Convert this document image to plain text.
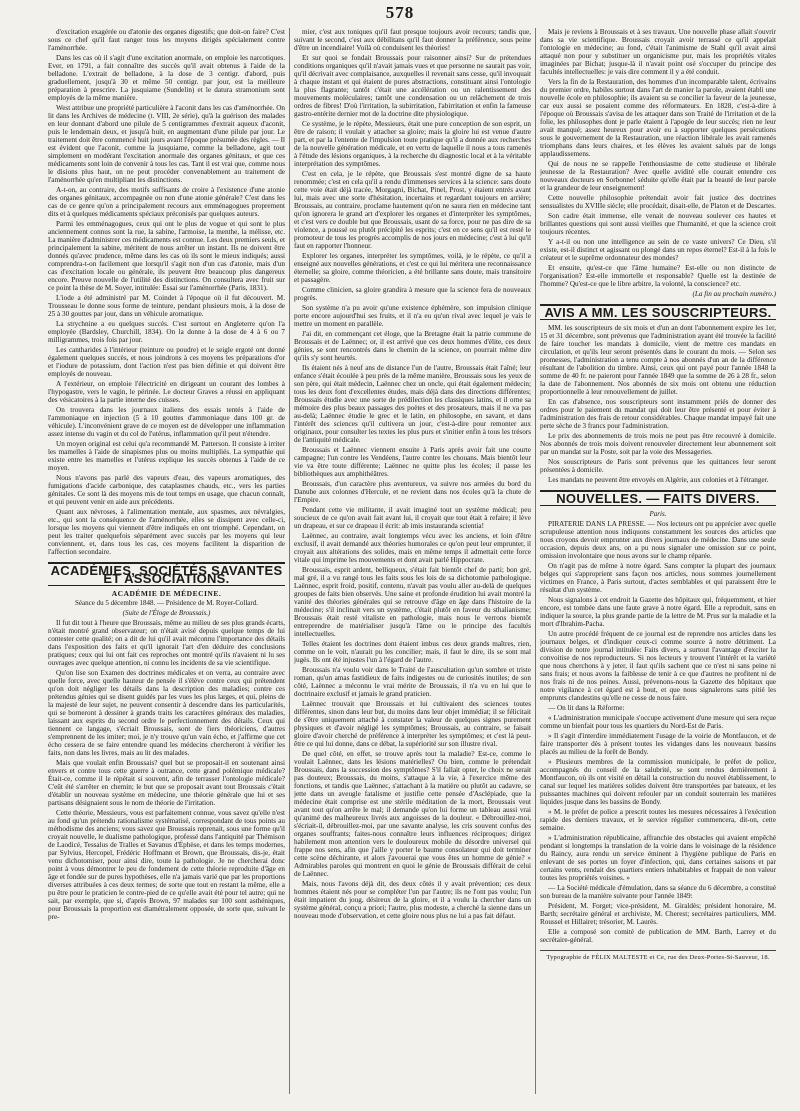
578

d'excitation exagérée ou d'atonie des organes digestifs; que doit-on faire? C'est sous ce chef qu'il faut ranger tous les moyens dirigés spécialement contre l'aménorrhée.

Dans les cas où il s'agit d'une excitation anormale, on emploie les narcotiques. Ever, en 1791, a fait connaître des succès qu'il avait obtenus à l'aide de la belladone. L'extrait de belladone, à la dose de 3 centigr. d'abord, puis graduellement, jusqu'à 30 et même 50 centigr. par jour, est la meilleure préparation à prescrire. La jusquiame (Sundelin) et le datura stramonium sont employés de la même manière.

West attribue une propriété particulière à l'aconit dans les cas d'aménorrhée. On lit dans les Archives de médecine (t. VIII, 2e série), qu'à la guérison des malades en leur donnant d'abord une pilule de 5 centigrammes d'extrait aqueux d'aconit, puis le lendemain deux, et jusqu'à huit, en augmentant d'une pilule par jour. Le traitement doit être commencé huit jours avant l'époque présumée des règles. — Il est évident que l'aconit, comme la jusquiame, comme la belladone, agit tout simplement en modérant l'excitation anormale des organes génitaux, et que ces médicaments sont loin de convenir à tous les cas. Tant il est vrai que, comme nous le disions plus haut, on ne peut procéder convenablement au traitement de l'aménorrhée qu'en multipliant les distinctions.

A-t-on, au contraire, des motifs suffisants de croire à l'existence d'une atonie des organes génitaux, accompagnée ou non d'une atonie générale? C'est dans les cas de ce genre qu'on a principalement recours aux emménagogues proprement dits et à quelques médicaments spéciaux préconisés par quelques auteurs.

Parmi les emménagogues, ceux qui ont le plus de vogue et qui sont le plus anciennement connus sont la rue, la sabine, l'armoise, la menthe, la mélisse, etc. La manière d'administrer ces médicaments est connue. Les deux premiers seuls, et principalement la sabine, méritent de nous arrêter un instant. Ils ne doivent être donnés qu'avec prudence, même dans les cas où ils sont le mieux indiqués; aussi comprendra-t-on facilement que lorsqu'il s'agit non d'un cas d'atonie, mais d'un cas d'excitation locale ou générale, ils peuvent être beaucoup plus dangereux encore. Preuve nouvelle de l'utilité des distinctions. On consultera avec fruit sur ce point la thèse de M. Soyer, intitulée: Essai sur l'aménorrhée (Paris, 1831).

L'iode a été administré par M. Coindet à l'époque où il fut découvert. M. Trousseau le donne sous forme de teinture, pendant plusieurs mois, à la dose de 25 à 30 gouttes par jour, dans un véhicule aromatique.

La strychnine a eu quelques succès. C'est surtout en Angleterre qu'on l'a employée (Bardsley, Churchill, 1834). On la donne à la dose de 4 à 6 ou 7 milligrammes, trois fois par jour.

Les cantharides à l'intérieur (teinture ou poudre) et le seigle ergoté ont donné également quelques succès, et nous joindrons à ces moyens les préparations d'or et l'iodure de potassium, dont l'action n'est pas bien définie et qui doivent être employés de nouveau.

A l'extérieur, on emploie l'électricité en dirigeant un courant des lombes à l'hypogastre, vers le vagin, le périnée. Le docteur Graves a réussi en appliquant des vésicatoires à la partie interne des cuisses.

On trouvera dans les journaux italiens des essais tentés à l'aide de l'ammoniaque en injection (5 à 10 gouttes d'ammoniaque dans 100 gr. de véhicule). L'inconvénient grave de ce moyen est de développer une inflammation assez intense du vagin et du col de l'utérus, inflammation qu'il peut n'étendre.

Un moyen original est celui qu'a recommandé M. Patterson. Il consiste à irriter les mamelles à l'aide de sinapismes plus ou moins multipliés. La sympathie qui existe entre les mamelles et l'utérus explique les succès obtenus à l'aide de ce moyen.

Nous n'avons pas parlé des vapeurs d'eau, des vapeurs aromatiques, des fumigations d'acide carbonique, des cataplasmes chauds, etc., vers les parties génitales. Ce sont là des moyens mis de tout temps en usage, que chacun connaît, et qui peuvent venir en aide aux précédents.

Quant aux névroses, à l'alimentation mentale, aux spasmes, aux névralgies, etc., qui sont la conséquence de l'aménorrhée, elles se dissipent avec celle-ci, lorsque les moyens qui viennent d'être indiqués en ont triomphé. Cependant, on peut les traiter quelquefois séparément avec succès par les moyens qui leur conviennent, et, dans tous les cas, ces moyens facilitent la disparition de l'affection secondaire.

ACADÉMIES, SOCIÉTÉS SAVANTES ET ASSOCIATIONS.
ACADÉMIE DE MÉDECINE.
Séance du 5 décembre 1848. — Présidence de M. Royer-Collard.
(Suite de l'Éloge de Broussais.)

Il fut dit tout à l'heure que Broussais, même au milieu de ses plus grands écarts, n'était montré grand observateur; on n'était avisé depuis quelque temps de lui contester cette qualité; on a dit de lui qu'il avait méconnu l'importance des détails dans l'exposition des faits et qu'il ignorait l'art d'en déduire des conclusions pratiques; ceux qui lui ont fait ces reproches ont montré qu'ils n'avaient ni lu ses ouvrages avec quelque attention, ni connu les incidents de sa vie scientifique.

Qu'on lise son Examen des doctrines médicales et on verra, au contraire avec quelle force, avec quelle hauteur de pensée il s'élève contre ceux qui prétendent qu'on doit négliger les détails dans la description des maladies; contre ces prétendus génies qui se disent guidés par les vues les plus larges, et qui, pleins de la majesté de leur sujet, ne peuvent consentir à descendre dans les particularités, qui se borneront à dessiner à grands traits les caractères généraux des maladies, laissant aux esprits du second ordre le perfectionnement des détails. Ceux qui tiennent ce langage, s'écriait Broussais, sont de fiers théoriciens, d'autres s'emprennent de les imiter; moi, je n'y trouve qu'un vain écho, et j'affirme que cet écho cessera de se faire entendre quand les médecins chercheront à vérifier les faits, non dans les livres, mais au lit des malades.

Mais que voulait enfin Broussais? quel but se proposait-il en soutenant ainsi envers et contre tous cette guerre à outrance, cette grand polémique médicale? Était-ce, comme il le répétait si souvent, afin de terrasser l'ontologie médicale? C'eût été s'arrêter en chemin; le but que se proposait avant tout Broussais c'était d'établir un nouveau système en médecine, une théorie générale que lui et ses partisans désignaient sous le nom de théorie de l'irritation.

Cette théorie, Messieurs, vous est parfaitement connue, vous savez qu'elle n'est au fond qu'un prétendu rationalisme systématisé, correspondant de tous points au méthodisme des anciens; vous savez que Broussais reprenait, sous une forme qu'il croyait nouvelle, le dualisme pathologique, professé dans l'antiquité par Thémison de Laodicé, Tessalus de Tralles et Savanus d'Éphèse, et dans les temps modernes, par Sylvius, Hercopel, Frédéric Hoffmann et Brown, que Broussais, dis-je, était venu dichotomiser, pour ainsi dire, toute la pathologie. Je ne chercherai donc point à vous démontrer le peu de fondement de cette théorie reproduite d'âge en âge et fondée sur de pures hypothèses, elle n'a jamais varié que par les proportions diverses attribuées à ces deux termes; de sorte que tout en restant la même, elle a pu être pour le praticien le contre-pied de ce qu'elle avait été pour tel autre; qui ne sait, par exemple, que si, d'après Brown, 97 malades sur 100 sont asthéniques, pour Broussais la proportion est diamétralement opposée, de sorte que, suivant le pre-

mier, c'est aux toniques qu'il faut presque toujours avoir recours; tandis que, suivant le second, c'est aux débilitans qu'il faut donner la préférence, sous peine d'être un incendiaire! Voilà où conduisent les théories!

Et sur quoi se fondait Broussais pour raisonner ainsi? Sur de prétendues conditions organiques qu'il n'avait jamais vues et que personne ne saurait pas voir, qu'il décrivait avec complaisance, auxquelles il revenait sans cesse, qu'il invoquait à chaque instant et qui étaient de pures abstractions, constituant ainsi l'ontologie la plus flagrante; tantôt c'était une accélération ou un ralentissement des mouvements moléculaires; tantôt une condensation ou un relâchement de trois ordres de fibres! D'où l'irritation, la subirritation, l'abirritation et enfin la fameuse gastro-entérite dernier mot de la doctrine dite physiologique.

Ce système, je le répète, Messieurs, était une pure conception de son esprit, un être de raison; il voulait y attacher sa gloire; mais la gloire lui est venue d'autre part, et par la l'entente de l'impulsion toute pratique qu'il a donnée aux recherches de la nouvelle génération médicale, et en vertu de laquelle il nous a tous ramenés à l'étude des lésions organiques, à la recherche du diagnostic local et à la véritable interprétation des symptômes.

C'est en cela, je le répète, que Broussais s'est montré digne de sa haute renommée; c'est en cela qu'il a rendu d'immenses services à la science: sans doute cette voie était déjà tracée, Morgagni, Bichat, Pinel, Prost, y étaient entrés avant lui, mais avec une sorte d'hésitation, incertains et regardant toujours en arrière; Broussais, au contraire, proclame hautement qu'on ne saura rien en médecine tant qu'on ignorera le grand art d'explorer les organes et d'interpréter les symptômes, et c'est vers ce double but que Broussais, usant de sa force, pour ne pas dire de sa violence, a poussé ou plutôt précipité les esprits; c'est en ce sens qu'il est resté le promoteur de tous les progrès accomplis de nos jours en médecine; c'est à lui qu'il faut en rapporter l'honneur.

Explorer les organes, interpréter les symptômes, voilà, je le répète, ce qu'il a enseigné aux nouvelles générations, et c'est ce qui lui méritera une reconnaissance éternelle; sa gloire, comme théoricien, a été brillante sans doute, mais transitoire et passagère.

Comme clinicien, sa gloire grandira à mesure que la science fera de nouveaux progrès.

Son système n'a pu avoir qu'une existence éphémère, son impulsion clinique porte encore aujourd'hui ses fruits, et il n'a eu qu'un rival avec lequel je vais le mettre un moment en parallèle.

J'ai dit, en commençant cet éloge, que la Bretagne était la patrie commune de Broussais et de Laënnec; or, il est arrivé que ces deux hommes d'élite, ces deux génies, se sont rencontrés dans le chemin de la science, on pourrait même dire qu'ils s'y sont heurtés.

Ils étaient nés à neuf ans de distance l'un de l'autre, Broussais était l'aîné; leur enfance s'était écoulée à peu près de la même manière, Broussais sous les yeux de son père, qui était médecin, Laënnec chez un oncle, qui était également médecin; tous les deux font d'excellentes études, mais déjà dans des directions différentes; Broussais étudie avec une sorte de prédilection les classiques latins, et il orne sa mémoire des plus beaux passages des poètes et des prosateurs, mais il ne va pas au-delà; Laënnec étudie le grec et le latin, en philosophe, en savant, et dans l'intérêt des sciences qu'il cultivera un jour, c'est-à-dire pour remonter aux originaux, pour consulter les textes les plus purs et s'initier enfin à tous les trésors de l'antiquité médicale.

Broussais et Laënnec viennent ensuite à Paris après avoir fait une courte campagne; l'un contre les Vendéens, l'autre contre les chouans. Mais bientôt leur vie va être toute différente; Laënnec ne quitte plus les écoles; il passe les bibliothèques aux amphithéâtres.

Broussais, d'un caractère plus aventureux, va suivre nos armées du bord du Danube aux colonnes d'Hercule, et ne revient dans nos écoles qu'à la chute de l'Empire.

Pendant cette vie militante, il avait imaginé tout un système médical; peu soucieux de ce qu'on avait fait avant lui, il croyait que tout était à refaire; il lève un drapeau, et sur ce drapeau il écrit: ab imis instauranda scientia!

Laënnec, au contraire, avait longtemps vécu avec les anciens, et loin d'être exclusif, il avait demandé aux théories humorales ce qu'on peut leur emprunter, il croyait aux altérations des solides, mais en même temps il admettait cette force vitale qui imprime les mouvements et dont avait parlé Hippocrate.

Broussais, esprit ardent, belliqueux, s'était fait bientôt chef de parti; bon gré, mal gré, il a vu rangé tous les faits sous les lois de sa dichotomie pathologique. Laënnec, esprit froid, positif, contenu, n'avait pas voulu aller au-delà de quelques groupes de faits bien observés. Une saine et profonde érudition lui avait montré la vanité des théories générales qui se retrouve d'âge en âge dans l'histoire de la médecine; s'il inclinait vers un système, c'était plutôt en faveur du sthalianisme; Broussais était resté vitaliste en pathologie, mais nous le verrons bientôt entreprendre de matérialiser jusqu'à l'âme ou le principe des facultés intellectuelles.

Telles étaient les doctrines dont étaient imbus ces deux grands maîtres, rien, comme on le voit, n'aurait pu les concilier; mais, il faut le dire, ils se sont mal jugés. Ils ont été injustes l'un à l'égard de l'autre.

Broussais n'a voulu voir dans le Traité de l'auscultation qu'un sombre et triste roman, qu'un amas fastidieux de faits indigestes ou de curiosités inutiles; de son côté, Laënnec a méconnu le vrai mérite de Broussais, il n'a vu en lui que le doctrinaire exclusif et jamais le grand praticien.

Laënnec trouvait que Broussais et lui cultivaient des sciences toutes différentes, sinon dans leur but, du moins dans leur objet immédiat; il se félicitait de s'être uniquement attaché à constater la valeur de quelques signes purement physiques et d'avoir négligé les symptômes; Broussais, au contraire, se faisait gloire d'avoir cherché de préférence à interpréter les symptômes; et c'est là peut-être ce qui lui donne, dans ce débat, la supériorité sur son illustre rival.

De quel côté, en effet, se trouve après tout la maladie? Est-ce, comme le voulait Laënnec, dans les lésions matérielles? Ou bien, comme le prétendait Broussais, dans la succession des symptômes? S'il fallait opter, le choix ne serait pas douteux; Broussais, du moins, s'attaque à la vie, à l'exercice même des fonctions, et tandis que Laënnec, s'attachant à la matière ou plutôt au cadavre, se jette dans un aveugle fatalisme et justifie cette pensée d'Asclépiade, que la médecine était comprise est une stérile méditation de la mort, Broussais veut avant tout qu'on arrête le mal; il demande qu'on lui forme un tableau aussi vrai qu'animé des malheureux livrés aux angoisses de la douleur. « Débrouillez-moi, s'écriait-il, débrouillez-moi, par une savante analyse, les cris souvent confus des organes souffrants; faites-nous connaître leurs influences réciproques; dirigez habilement mon attention vers le douloureux mobile du désordre universel qui frappe nos sens, afin que j'aille y porter le baume consolateur qui doit terminer cette scène déchirante, et alors j'avouerai que vous êtes un homme de génie? » Admirables paroles qui montrent en quoi le génie de Broussais différait de celui de Laënnec.

Mais, nous l'avons déjà dit, des deux côtés il y avait prévention; ces deux hommes étaient nés pour se compléter l'un par l'autre; ils ne l'ont pas voulu; l'un était impatient du joug, désireux de la gloire, et il a voulu la chercher dans un système général, conçu a priori; l'autre, plus modeste, a cherché la sienne dans un nouveau mode d'observation, et cette gloire nous plus ne lui a pas fait défaut.

Mais je reviens à Broussais et à ses travaux. Une nouvelle phase allait s'ouvrir dans sa vie scientifique. Broussais croyait avoir terrassé ce qu'il appelait l'ontologie en médecine; au fond, c'était l'animisme de Stahl qu'il avait ainsi attaqué non pour y substituer un organicisme pur, mais les propriétés vitales imaginées par Bichat; jusque-là il n'avait point osé s'occuper du principe des facultés intellectuelles: je vais dire comment il y a été conduit.

Vers la fin de la Restauration, des hommes d'un incomparable talent, écrivains du premier ordre, habiles surtout dans l'art de manier la parole, avaient établi une nouvelle école en philosophie; ils avaient su se concilier la faveur de la jeunesse, car eux aussi se posaient comme des réformateurs. En 1828, c'est-à-dire à l'époque où Broussais s'avisa de les attaquer dans son Traité de l'irritation et de la folie, les philosophes dont je parle étaient à l'apogée de leur succès; rien ne leur avait manqué; assez heureux pour avoir eu à supporter quelques persécutions sous le gouvernement de la Restauration, une réaction libérale les avait ramenés triomphans dans leurs chaires, et les élèves les avaient salués par de longs applaudissemens.

Qui de nous ne se rappelle l'enthousiasme de cette studieuse et libérale jeunesse de la Restauration? Avec quelle avidité elle courait entendre ces nouveaux docteurs en Sorbonne! séduite qu'elle était par la beauté de leur parole et la grandeur de leur enseignement!

Cette nouvelle philosophie prétendait avoir fait justice des doctrines sensualistes du XVIIIe siècle; elle procédait, disait-elle, de Platon et de Descartes.

Son cadre était immense, elle venait de nouveau soulever ces hautes et brillantes questions qui sont aussi vieilles que l'humanité, et que la science croit toujours récentes.

Y a-t-il ou non une intelligence au sein de ce vaste univers? Ce Dieu, s'il existe, est-il distinct et agissant ou plongé dans un repos éternel? Est-il à la fois le créateur et le suprême ordonnateur des mondes?

Et ensuite, qu'est-ce que l'âme humaine? Est-elle ou non distincte de l'organisation? Est-elle immortelle et responsable? Quelle est la destinée de l'homme? Qu'est-ce que le libre arbitre, la volonté, la conscience? etc.

(La fin au prochain numéro.)
AVIS A MM. LES SOUSCRIPTEURS.

MM. les souscripteurs de six mois et d'un an dont l'abonnement expire les 1er, 15 et 31 décembre, sont prévenus que l'administration ayant été trouvée la facilité de faire toucher les mandats à domicile, vient de mettre ces mandats en circulation, et qu'ils leur seront présentés dans le courant du mois. — Selon ses promesses, l'administration a tenu compte à nos abonnés d'un an de la différence résultant de l'abolition du timbre. Ainsi, ceux qui ont payé pour l'année 1848 la somme de 40 fr. ne paieront pour l'année 1849 que la somme de 26 à 28 fr., selon la date de l'abonnement. Nos abonnés de six mois ont obtenu une réduction proportionnelle à leur renouvellement de juillet.

En cas d'absence, nos souscripteurs sont instamment priés de donner des ordres pour le paiement du mandat qui doit leur être présenté et pour éviter à l'administration des frais de retour considérables. Chaque mandat impayé fait une perte sèche de 3 francs pour l'administration.

Le prix des abonnements de trois mois ne peut pas être recouvré à domicile. Nos abonnés de trois mois doivent renouveler directement leur abonnement soit par un mandat sur la Poste, soit par la voie des Messageries.

Nos souscripteurs de Paris sont prévenus que les quittances leur seront présentées à domicile.

Les mandats ne peuvent être envoyés en Algérie, aux colonies et à l'étranger.

NOUVELLES. — FAITS DIVERS.
Paris.

PIRATERIE DANS LA PRESSE. — Nos lecteurs ont pu apprécier avec quelle scrupuleuse attention nous indiquons constamment les sources des articles que nous croyons devoir emprunter aux divers journaux de médecine. Dans une seule occasion, depuis deux ans, on a pu nous signaler une omission sur ce point, omission involontaire que nous avons sur le champ réparée.

On n'agit pas de même à notre égard. Sans compter la plupart des journaux belges qui s'approprient sans façon nos articles, nous sommes journellement victimes en France, à Paris surtout, d'actes semblables et qui paraissent être le résultat d'un système.

Nous signalons à cet endroit la Gazette des hôpitaux qui, fréquemment, et hier encore, est tombée dans une faute grave à notre égard. Elle a reproduit, sans en indiquer la source, la plus grande partie de la lettre de M. Prus sur la maladie et la mort d'Ibrahim-Pacha.

Un autre procédé fréquent de ce journal est de reprendre nos articles dans les journaux belges, et d'indiquer ceux-ci comme source à notre détriment. La division de notre journal intitulée: Faits divers, a surtout l'avantage d'exciter la convoitise de nos reproducteurs. Si nos lecteurs y trouvent l'intérêt et la variété que nous cherchons à y jeter, il faut qu'ils sachent que ce n'est ni sans peine ni sans frais; et nous avons la faiblesse de tenir à ce que d'autres ne profitent ni de nos frais ni de nos peines. Aussi, prévenons-nous la Gazette des hôpitaux que notre vigilance à cet égard est à bout, et que nous signalerons sans pitié les emprunts clandestins qu'elle ne cesse de nous faire.

— On lit dans la Réforme:

« L'administration municipale s'occupe activement d'une mesure qui sera reçue comme un bienfait pour tous les quartiers du Nord-Est de Paris.

» Il s'agit d'interdire immédiatement l'usage de la voirie de Montfaucon, et de faire transporter dès à présent toutes les vidanges dans les nouveaux bassins placés au milieu de la forêt de Bondy.

» Plusieurs membres de la commission municipale, le préfet de police, accompagnés du conseil de la salubrité, se sont rendus dernièrement à Montfaucon, où ils ont visité en détail la construction du nouvel établissement, le canal sur lequel les matières solides doivent être transportées par bateaux, et les puissantes machines qui doivent refouler par un conduit souterrain les matières liquides jusque dans les bassins de Bondy.

» M. le préfet de police a prescrit toutes les mesures nécessaires à l'exécution rapide des derniers travaux, et le service régulier commencera, dit-on, cette semaine.

» L'administration républicaine, affranchie des obstacles qui avaient empêché pendant si longtemps la translation de la voirie dans le voisinage de la résidence du Raincy, aura rendu un service éminent à l'hygiène publique de Paris en enlevant de ses portes un foyer d'infection, qui, dans certaines saisons et par certains vents, rendait des quartiers entiers inhabitables et frappait de non valeur toutes les propriétés voisines. »

— La Société médicale d'émulation, dans sa séance du 6 décembre, a constitué son bureau de la manière suivante pour l'année 1849:

Président, M. Forget; vice-président, M. Giraldès; président honoraire, M. Barth; secrétaire général et archiviste, M. Cherest; secrétaires particuliers, MM. Roussel et Hillairet; trésorier, M. Laurès.

Elle a composé son comité de publication de MM. Barth, Larrey et du secrétaire-général.

Typographie de FÉLIX MALTESTE et Ce, rue des Deux-Portes-St-Sauveur, 18.
